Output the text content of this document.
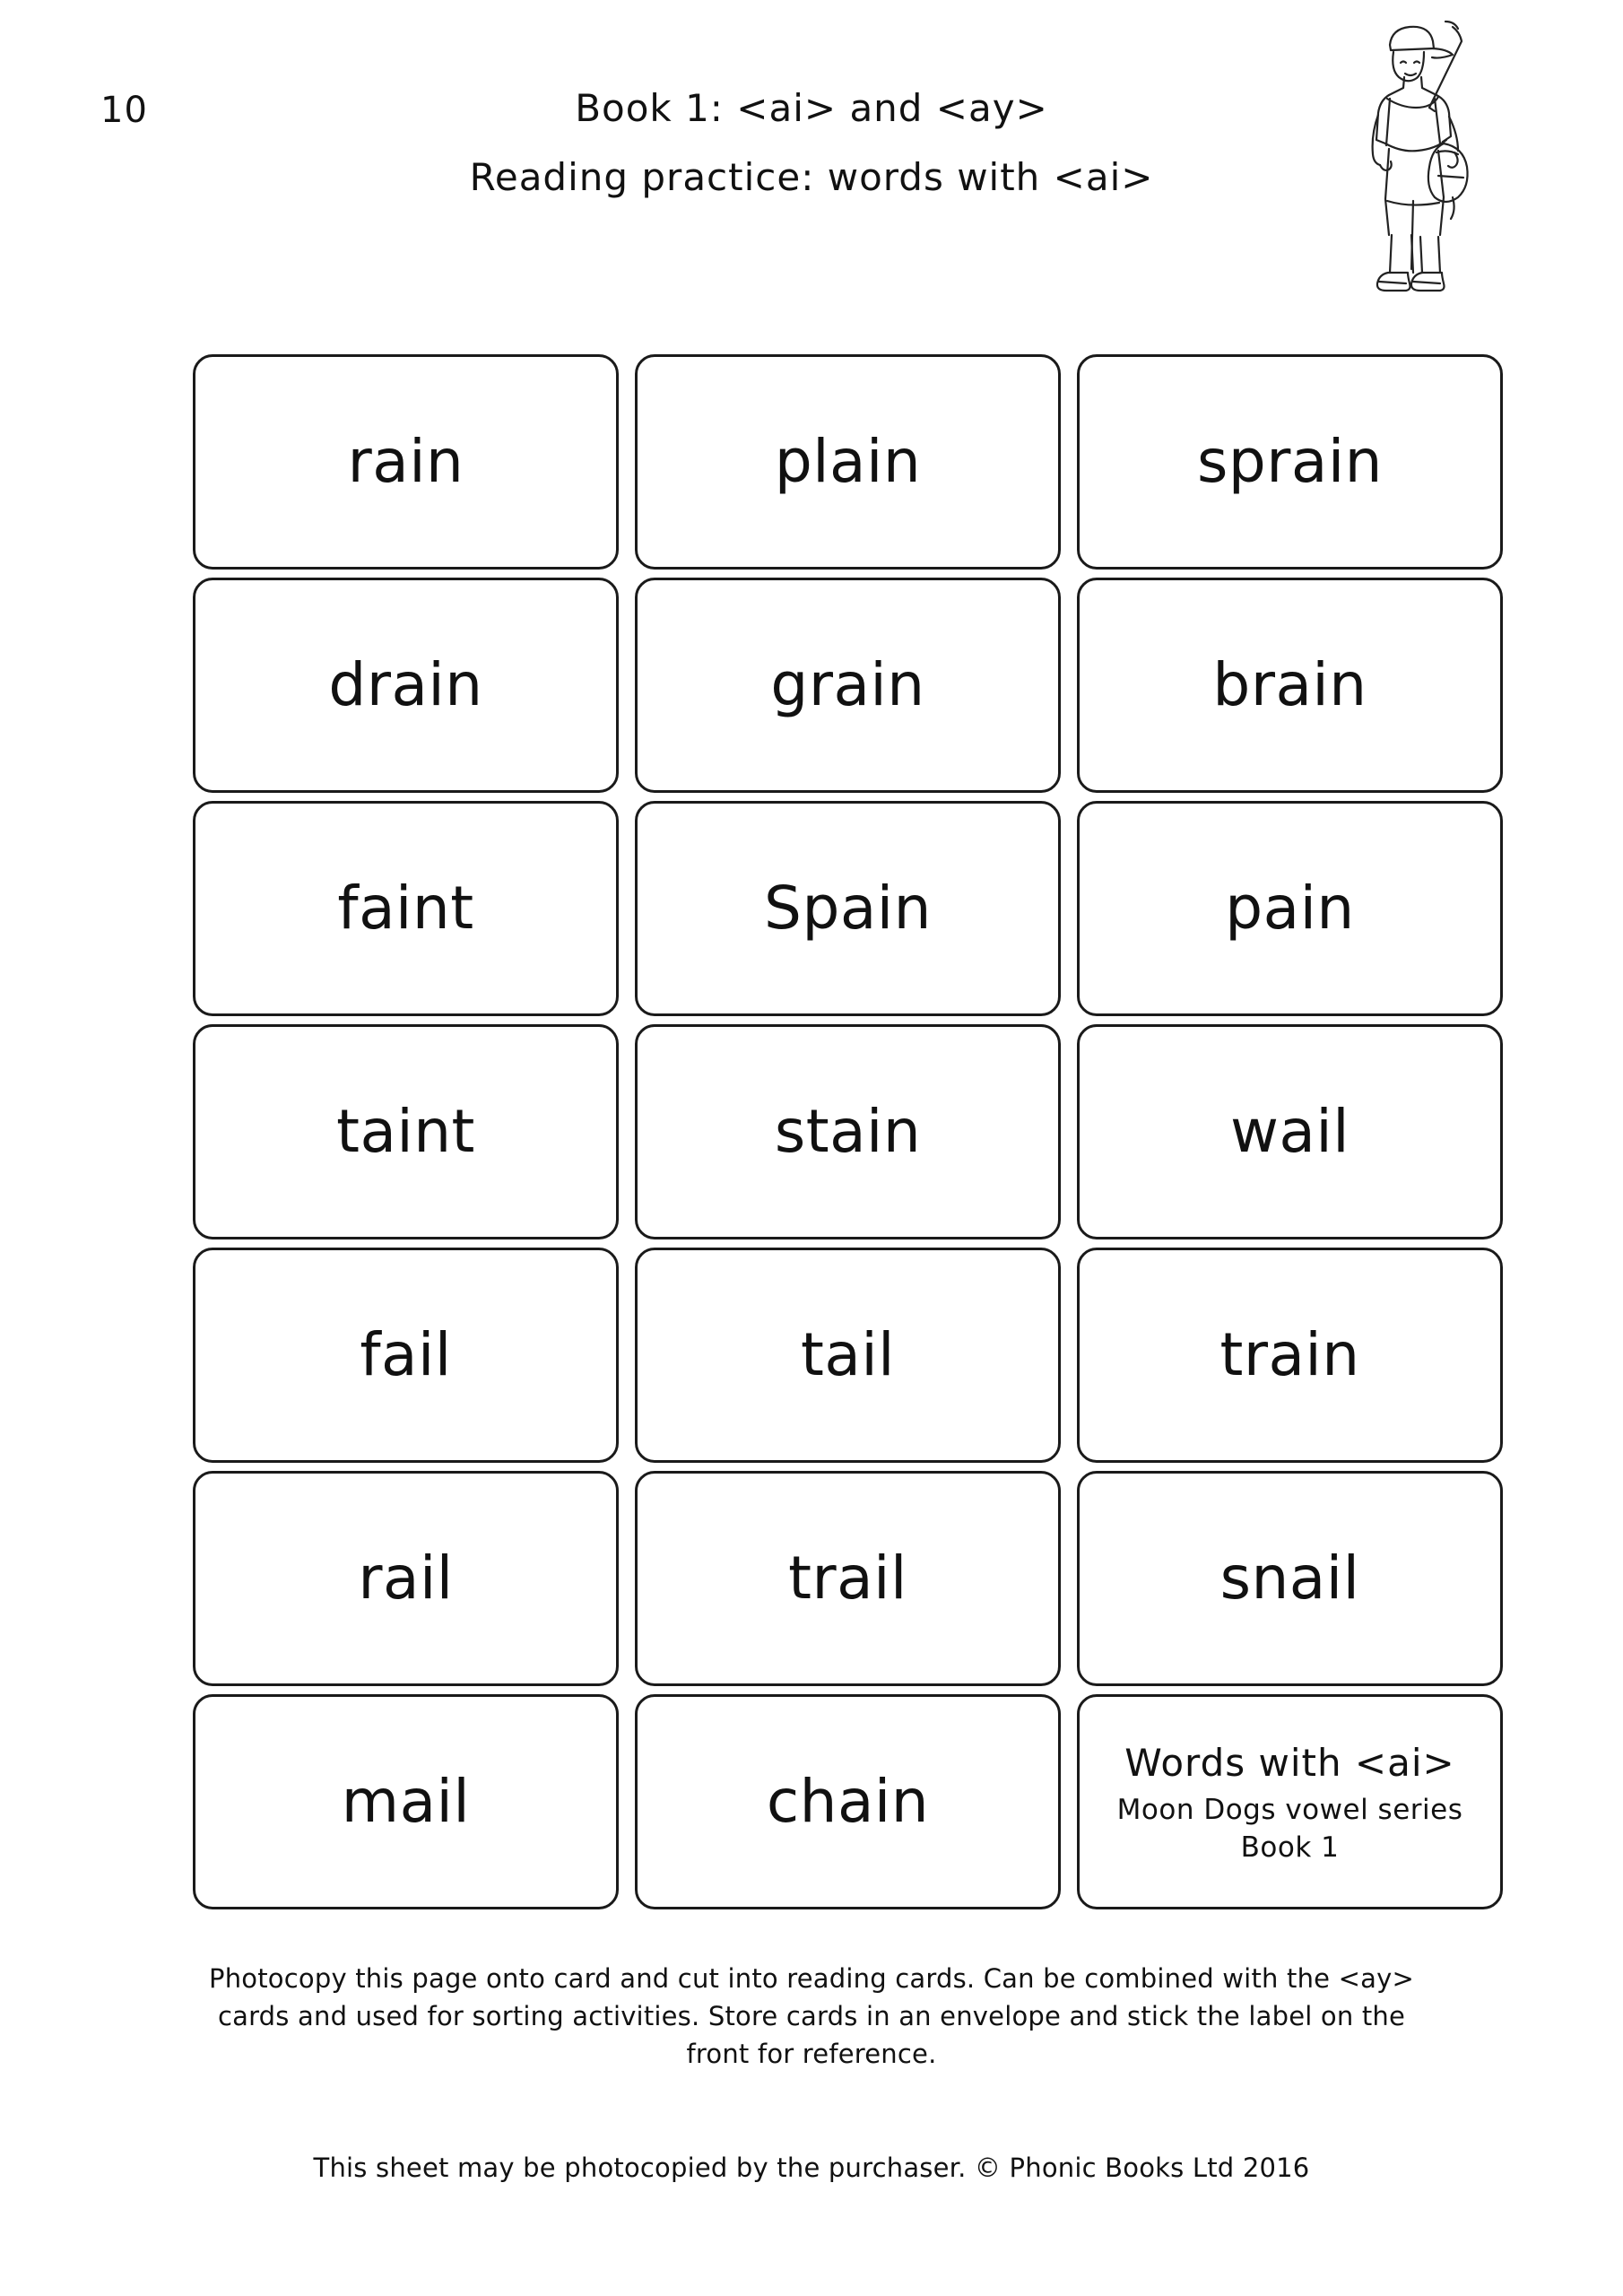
10	Book 1: <ai> and <ay>
Reading practice: words with <ai>
rain	plain	sprain
drain	grain	brain
faint	Spain	pain
taint	stain	wail
fail	tail	train
rail	trail	snail
mail	chain
Words with <ai>
Moon Dogs vowel series
Book 1
Photocopy this page onto card and cut into reading cards. Can be combined with the <ay> cards and used for sorting activities. Store cards in an envelope and stick the label on the front for reference.
This sheet may be photocopied by the purchaser. © Phonic Books Ltd 2016
